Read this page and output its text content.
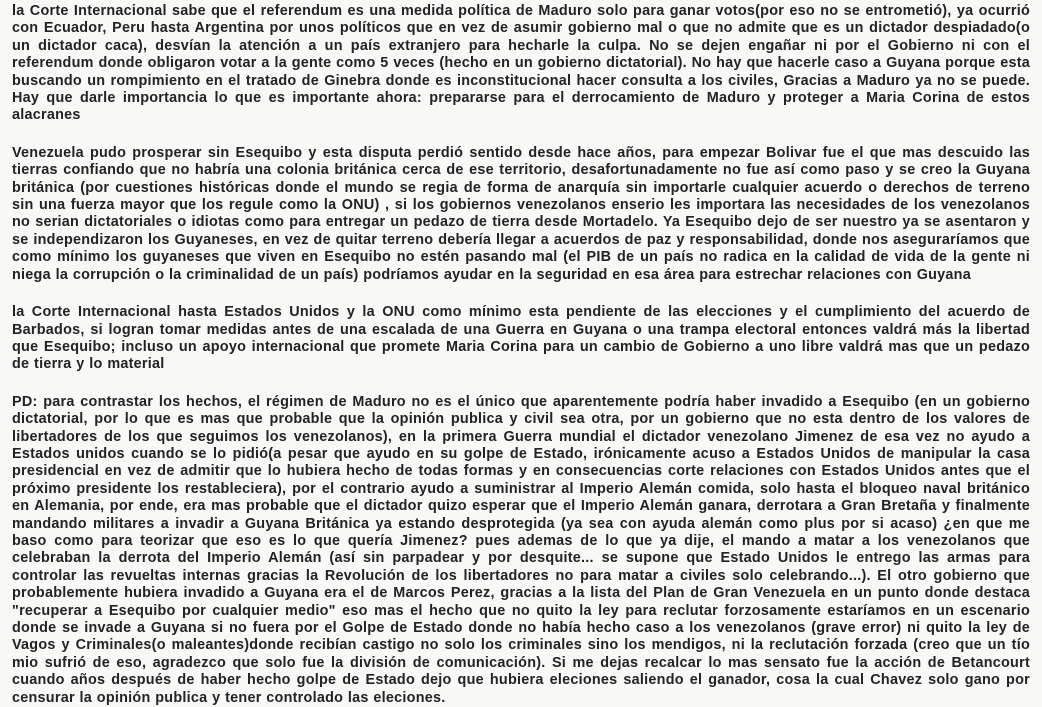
la Corte Internacional sabe que el referendum es una medida política de Maduro solo para ganar votos(por eso no se entrometió), ya ocurrió con Ecuador, Peru hasta Argentina por unos políticos que en vez de asumir gobierno mal o que no admite que es un dictador despiadado(o un dictador caca), desvían la atención a un país extranjero para hecharle la culpa. No se dejen engañar ni por el Gobierno ni con el referendum donde obligaron votar a la gente como 5 veces (hecho en un gobierno dictatorial). No hay que hacerle caso a Guyana porque esta buscando un rompimiento en el tratado de Ginebra donde es inconstitucional hacer consulta a los civiles, Gracias a Maduro ya no se puede. Hay que darle importancia lo que es importante ahora: prepararse para el derrocamiento de Maduro y proteger a Maria Corina de estos alacranes

Venezuela pudo prosperar sin Esequibo y esta disputa perdió sentido desde hace años, para empezar Bolivar fue el que mas descuido las tierras confiando que no habría una colonia británica cerca de ese territorio, desafortunadamente no fue así como paso y se creo la Guyana británica (por cuestiones históricas donde el mundo se regia de forma de anarquía sin importarle cualquier acuerdo o derechos de terreno sin una fuerza mayor que los regule como la ONU) , si los gobiernos venezolanos enserio les importara las necesidades de los venezolanos no serian dictatoriales o idiotas como para entregar un pedazo de tierra desde Mortadelo. Ya Esequibo dejo de ser nuestro ya se asentaron y se independizaron los Guyaneses, en vez de quitar terreno debería llegar a acuerdos de paz y responsabilidad, donde nos aseguraríamos que como mínimo los guyaneses que viven en Esequibo no estén pasando mal (el PIB de un país no radica en la calidad de vida de la gente ni niega la corrupción o la criminalidad de un país) podríamos ayudar en la seguridad en esa área para estrechar relaciones con Guyana

la Corte Internacional hasta Estados Unidos y la ONU como mínimo esta pendiente de las elecciones y el cumplimiento del acuerdo de Barbados, si logran tomar medidas antes de una escalada de una Guerra en Guyana o una trampa electoral entonces valdrá más la libertad que Esequibo; incluso un apoyo internacional que promete Maria Corina para un cambio de Gobierno a uno libre valdrá mas que un pedazo de tierra y lo material

PD: para contrastar los hechos, el régimen de Maduro no es el único que aparentemente podría haber invadido a Esequibo (en un gobierno dictatorial, por lo que es mas que probable que la opinión publica y civil sea otra, por un gobierno que no esta dentro de los valores de libertadores de los que seguimos los venezolanos), en la primera Guerra mundial el dictador venezolano Jimenez de esa vez no ayudo a Estados unidos cuando se lo pidió(a pesar que ayudo en su golpe de Estado, irónicamente acuso a Estados Unidos de manipular la casa presidencial en vez de admitir que lo hubiera hecho de todas formas y en consecuencias corte relaciones con Estados Unidos antes que el próximo presidente los restableciera), por el contrario ayudo a suministrar al Imperio Alemán comida, solo hasta el bloqueo naval británico en Alemania, por ende, era mas probable que el dictador quizo esperar que el Imperio Alemán ganara, derrotara a Gran Bretaña y finalmente mandando militares a invadir a Guyana Británica ya estando desprotegida (ya sea con ayuda alemán como plus por si acaso) ¿en que me baso como para teorizar que eso es lo que quería Jimenez? pues ademas de lo que ya dije, el mando a matar a los venezolanos que celebraban la derrota del Imperio Alemán (así sin parpadear y por desquite... se supone que Estado Unidos le entrego las armas para controlar las revueltas internas gracias la Revolución de los libertadores no para matar a civiles solo celebrando...). El otro gobierno que probablemente hubiera invadido a Guyana era el de Marcos Perez, gracias a la lista del Plan de Gran Venezuela en un punto donde destaca "recuperar a Esequibo por cualquier medio" eso mas el hecho que no quito la ley para reclutar forzosamente estaríamos en un escenario donde se invade a Guyana si no fuera por el Golpe de Estado donde no había hecho caso a los venezolanos (grave error) ni quito la ley de Vagos y Criminales(o maleantes)donde recibían castigo no solo los criminales sino los mendigos, ni la reclutación forzada (creo que un tío mio sufrió de eso, agradezco que solo fue la división de comunicación). Si me dejas recalcar lo mas sensato fue la acción de Betancourt cuando años después de haber hecho golpe de Estado dejo que hubiera eleciones saliendo el ganador, cosa la cual Chavez solo gano por censurar la opinión publica y tener controlado las eleciones.
